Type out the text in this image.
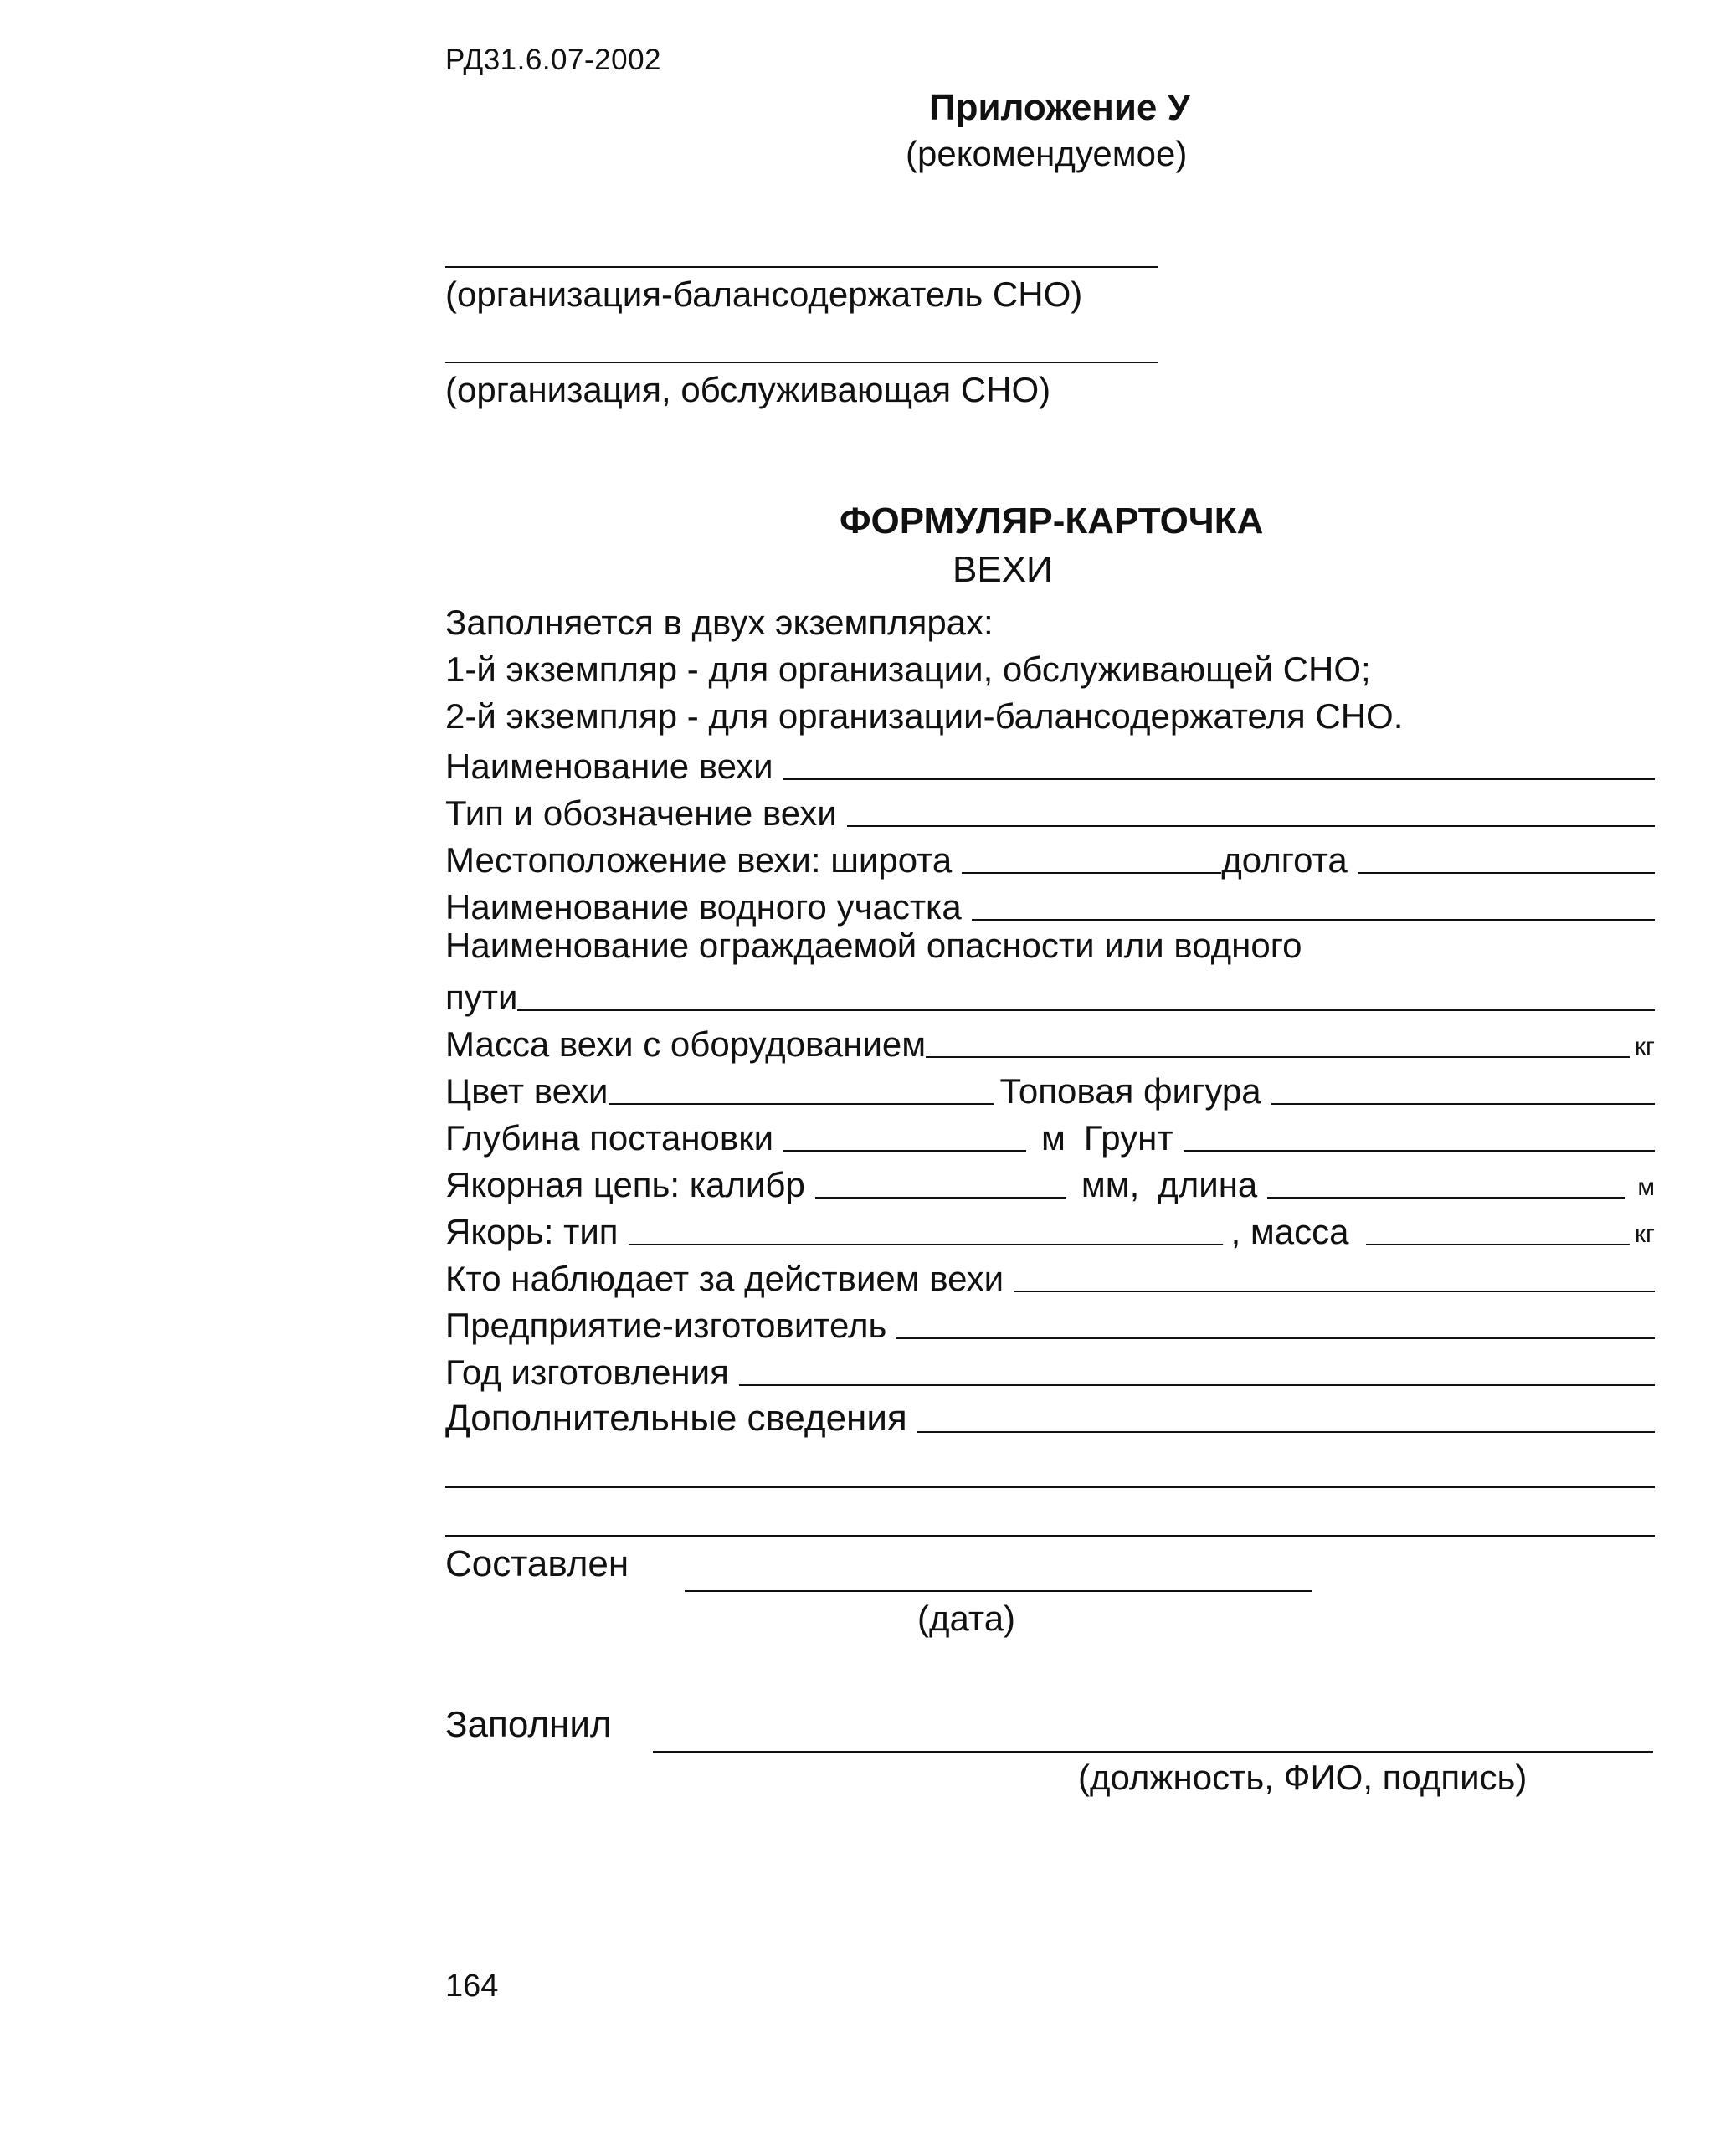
РД31.6.07-2002
Приложение У
(рекомендуемое)
(организация-балансодержатель СНО)
(организация, обслуживающая СНО)
ФОРМУЛЯР-КАРТОЧКА
ВЕХИ
Заполняется в двух экземплярах:
1-й экземпляр - для организации, обслуживающей СНО;
2-й экземпляр - для организации-балансодержателя СНО.
Наименование вехи
Тип и обозначение вехи
Местоположение вехи: широта	долгота
Наименование водного участка
Наименование ограждаемой опасности или водного
пути
Масса вехи с оборудованием	кг
Цвет вехи	Топовая фигура
Глубина постановки	м Грунт
Якорная цепь: калибр	мм, длина	м
Якорь: тип	, масса	кг
Кто наблюдает за действием вехи
Предприятие-изготовитель
Год изготовления
Дополнительные сведения
Составлен
(дата)
Заполнил
(должность, ФИО, подпись)
164
